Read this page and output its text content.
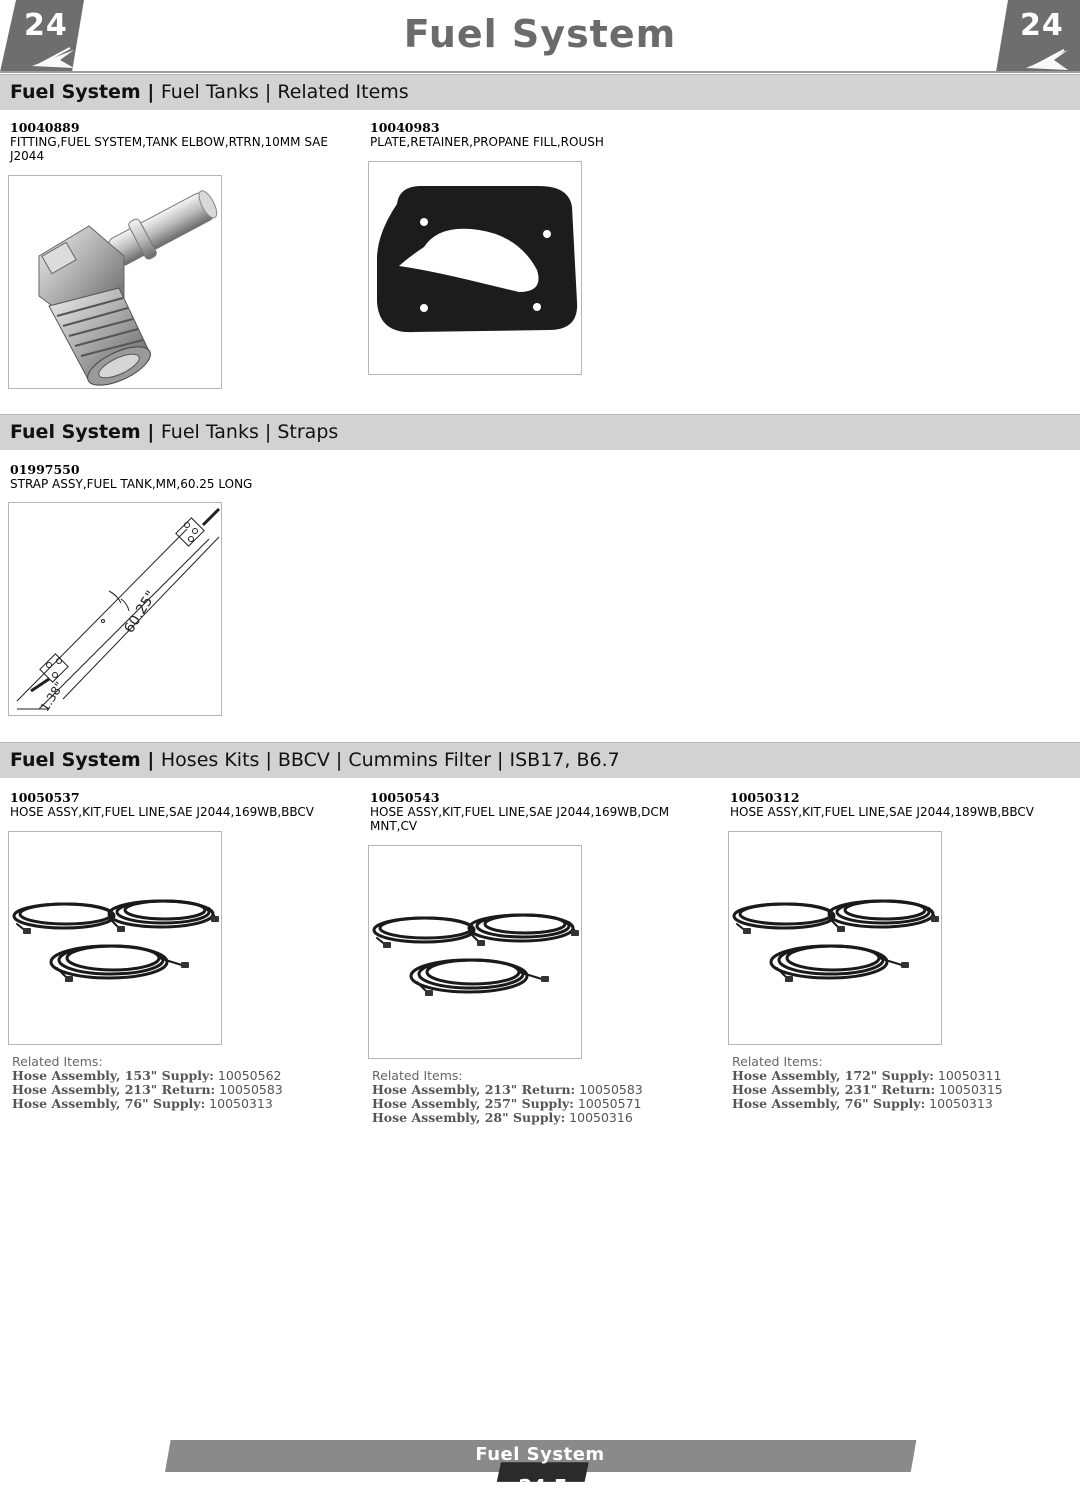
24	Fuel System	24
Fuel System | Fuel Tanks | Related Items
10040889
FITTING,FUEL SYSTEM,TANK ELBOW,RTRN,10MM SAE J2044
10040983
PLATE,RETAINER,PROPANE FILL,ROUSH
Fuel System | Fuel Tanks | Straps
01997550
STRAP ASSY,FUEL TANK,MM,60.25 LONG
60.25"
1.38"
Fuel System | Hoses Kits | BBCV | Cummins Filter | ISB17, B6.7
10050537
HOSE ASSY,KIT,FUEL LINE,SAE J2044,169WB,BBCV
Related Items:
Hose Assembly, 153" Supply: 10050562
Hose Assembly, 213" Return: 10050583
Hose Assembly, 76" Supply: 10050313
10050543
HOSE ASSY,KIT,FUEL LINE,SAE J2044,169WB,DCM MNT,CV
Related Items:
Hose Assembly, 213" Return: 10050583
Hose Assembly, 257" Supply: 10050571
Hose Assembly, 28" Supply: 10050316
10050312
HOSE ASSY,KIT,FUEL LINE,SAE J2044,189WB,BBCV
Related Items:
Hose Assembly, 172" Supply: 10050311
Hose Assembly, 231" Return: 10050315
Hose Assembly, 76" Supply: 10050313
Fuel System
24.5
